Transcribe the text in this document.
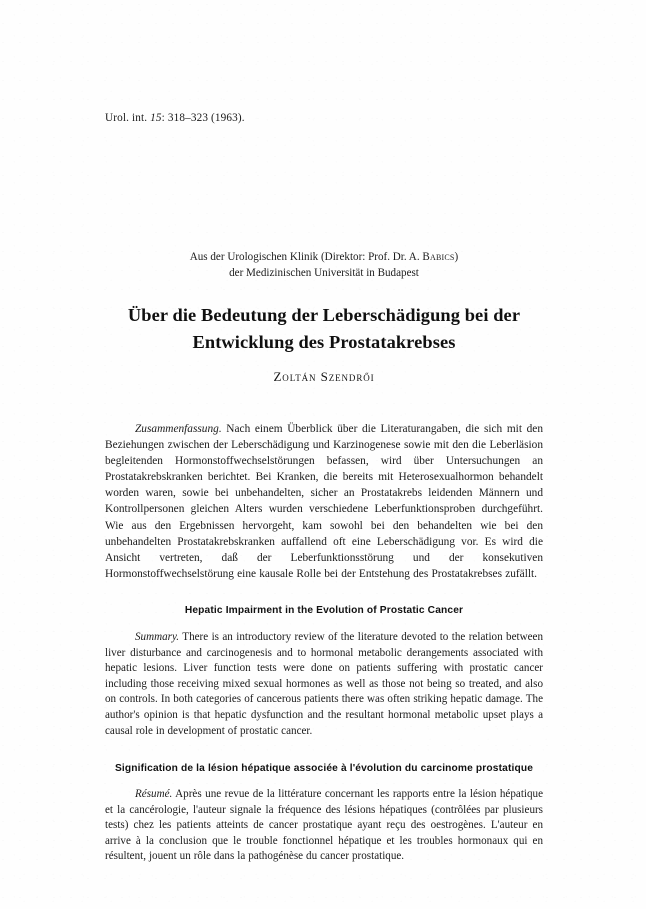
Urol. int. 15: 318–323 (1963).
Aus der Urologischen Klinik (Direktor: Prof. Dr. A. Babics)
der Medizinischen Universität in Budapest
Über die Bedeutung der Leberschädigung bei der
Entwicklung des Prostatakrebses
Zoltán Szendrői

Zusammenfassung. Nach einem Überblick über die Literaturangaben, die sich mit den Beziehungen zwischen der Leberschädigung und Karzinogenese sowie mit den die Leberläsion begleitenden Hormonstoffwechselstörungen befassen, wird über Untersuchungen an Prostatakrebskranken berichtet. Bei Kranken, die bereits mit Heterosexualhormon behandelt worden waren, sowie bei unbehandelten, sicher an Prostatakrebs leidenden Männern und Kontrollpersonen gleichen Alters wurden verschiedene Leberfunktionsproben durchgeführt. Wie aus den Ergebnissen hervorgeht, kam sowohl bei den behandelten wie bei den unbehandelten Prostatakrebskranken auffallend oft eine Leberschädigung vor. Es wird die Ansicht vertreten, daß der Leberfunktionsstörung und der konsekutiven Hormonstoffwechselstörung eine kausale Rolle bei der Entstehung des Prostatakrebses zufällt.

Hepatic Impairment in the Evolution of Prostatic Cancer

Summary. There is an introductory review of the literature devoted to the relation between liver disturbance and carcinogenesis and to hormonal metabolic derangements associated with hepatic lesions. Liver function tests were done on patients suffering with prostatic cancer including those receiving mixed sexual hormones as well as those not being so treated, and also on controls. In both categories of cancerous patients there was often striking hepatic damage. The author's opinion is that hepatic dysfunction and the resultant hormonal metabolic upset plays a causal role in development of prostatic cancer.

Signification de la lésion hépatique associée à l'évolution du carcinome prostatique

Résumé. Après une revue de la littérature concernant les rapports entre la lésion hépatique et la cancérologie, l'auteur signale la fréquence des lésions hépatiques (contrôlées par plusieurs tests) chez les patients atteints de cancer prostatique ayant reçu des oestrogènes. L'auteur en arrive à la conclusion que le trouble fonctionnel hépatique et les troubles hormonaux qui en résultent, jouent un rôle dans la pathogénèse du cancer prostatique.
